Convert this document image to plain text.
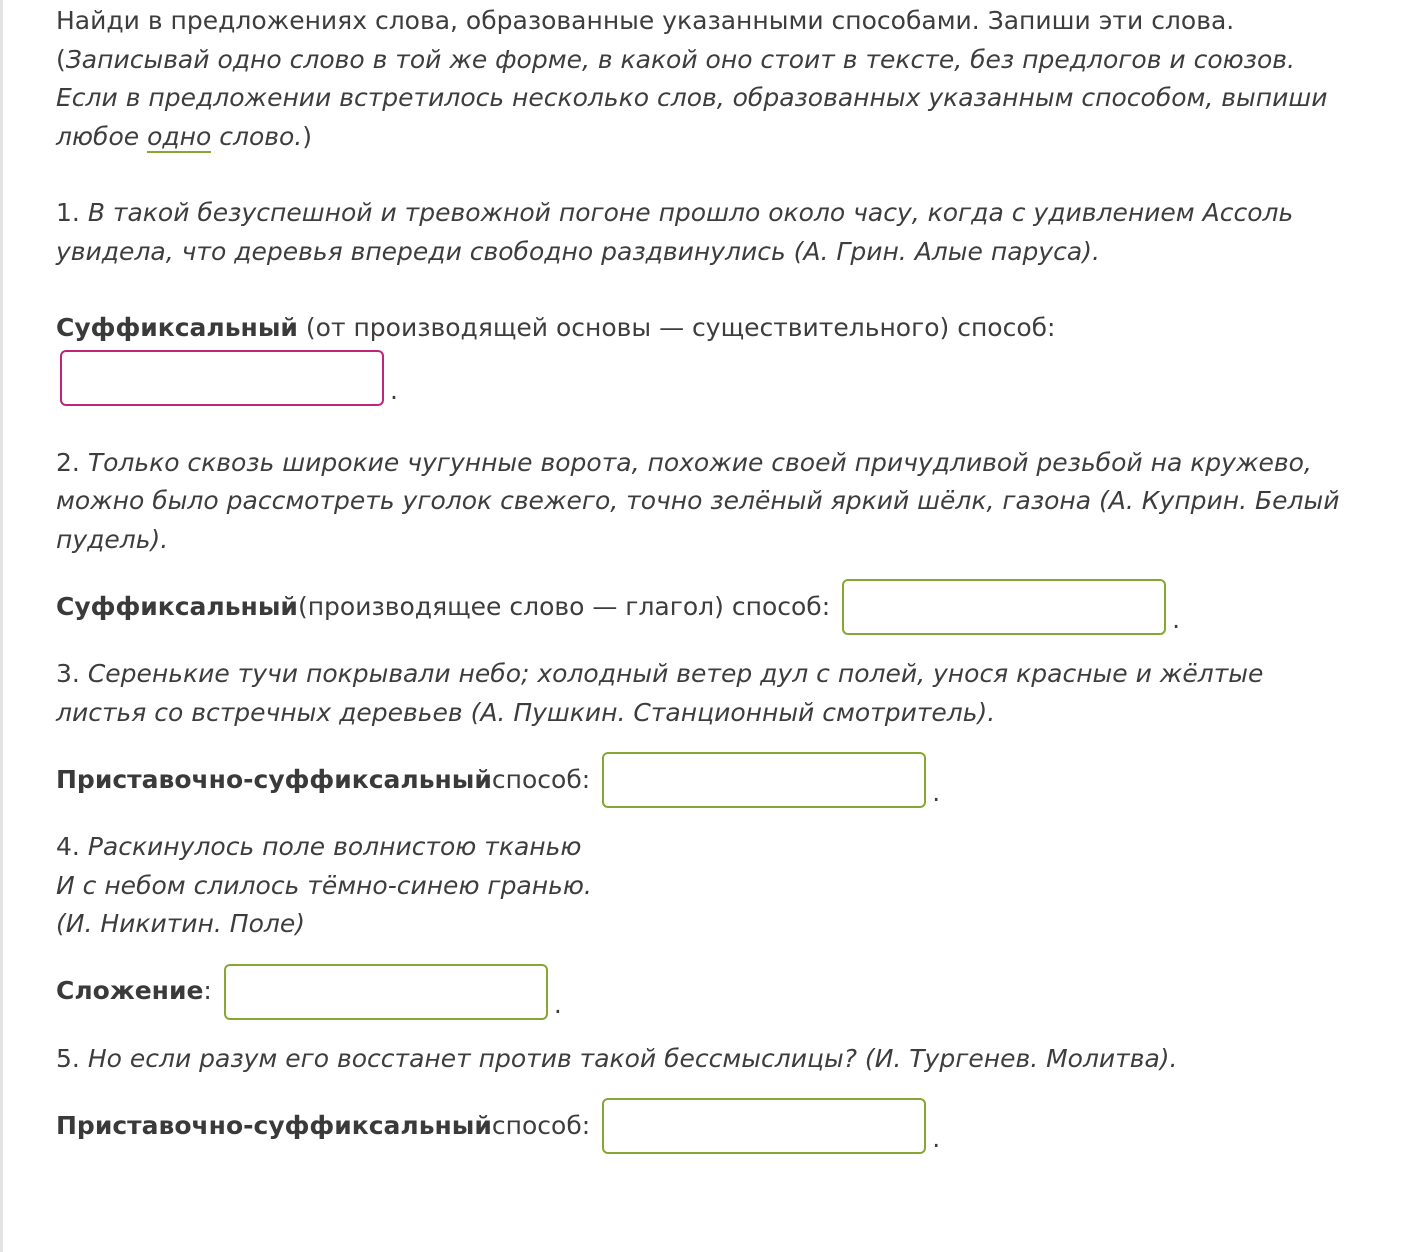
Найди в предложениях слова, образованные указанными способами. Запиши эти слова.
(Записывай одно слово в той же форме, в какой оно стоит в тексте, без предлогов и союзов. Если в предложении встретилось несколько слов, образованных указанным способом, выпиши любое одно слово.)

1. В такой безуспешной и тревожной погоне прошло около часу, когда с удивлением Ассоль увидела, что деревья впереди свободно раздвинулись (А. Грин. Алые паруса).

Суффиксальный (от производящей основы — существительного) способ:

.

2. Только сквозь широкие чугунные ворота, похожие своей причудливой резьбой на кружево, можно было рассмотреть уголок свежего, точно зелёный яркий шёлк, газона (А. Куприн. Белый пудель).

Суффиксальный (производящее слово — глагол) способ:	.

3. Серенькие тучи покрывали небо; холодный ветер дул с полей, унося красные и жёлтые листья со встречных деревьев (А. Пушкин. Станционный смотритель).

Приставочно-суффиксальный способ:	.

4. Раскинулось поле волнистою тканью
И с небом слилось тёмно-синею гранью.
(И. Никитин. Поле)

Сложение :	.

5. Но если разум его восстанет против такой бессмыслицы? (И. Тургенев. Молитва).

Приставочно-суффиксальный способ:	.
